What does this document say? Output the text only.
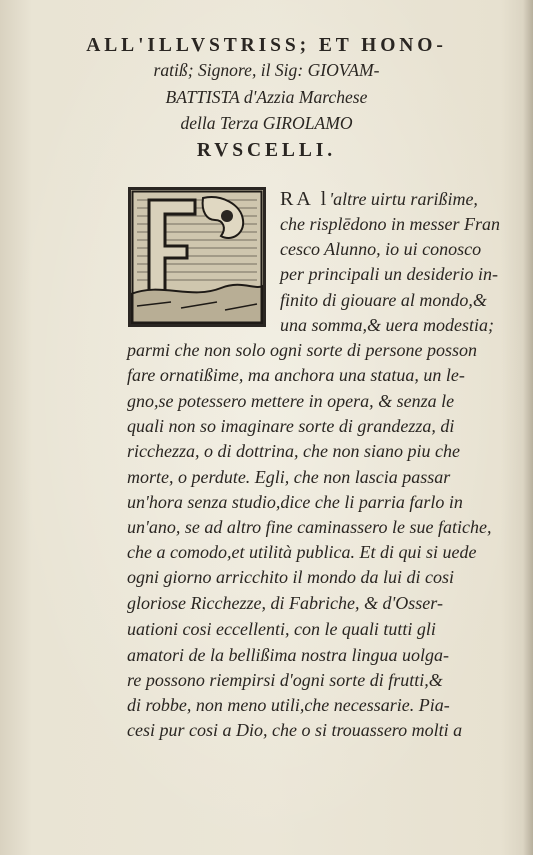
ALL'ILLVSTRISS; ET HONO-
ratiß; Signore, il Sig: GIOVAM-
BATTISTA d'Azzia Marchese
della Terza GIROLAMO
RVSCELLI.
RA l'altre uirtu rarißime,
che risplēdono in messer Fran
cesco Alunno, io ui conosco
per principali un desiderio in-
finito di giouare al mondo,&
una somma,& uera modestia;
parmi che non solo ogni sorte di persone posson
fare ornatißime, ma anchora una statua, un le-
gno,se potessero mettere in opera, & senza le
quali non so imaginare sorte di grandezza, di
ricchezza, o di dottrina, che non siano piu che
morte, o perdute. Egli, che non lascia passar
un'hora senza studio,dice che li parria farlo in
un'ano, se ad altro fine caminassero le sue fatiche,
che a comodo,et utilità publica. Et di qui si uede
ogni giorno arricchito il mondo da lui di cosi
gloriose Ricchezze, di Fabriche, & d'Osser-
uationi cosi eccellenti, con le quali tutti gli
amatori de la bellißima nostra lingua uolga-
re possono riempirsi d'ogni sorte di frutti,&
di robbe, non meno utili,che necessarie. Pia-
cesi pur cosi a Dio, che o si trouassero molti a
